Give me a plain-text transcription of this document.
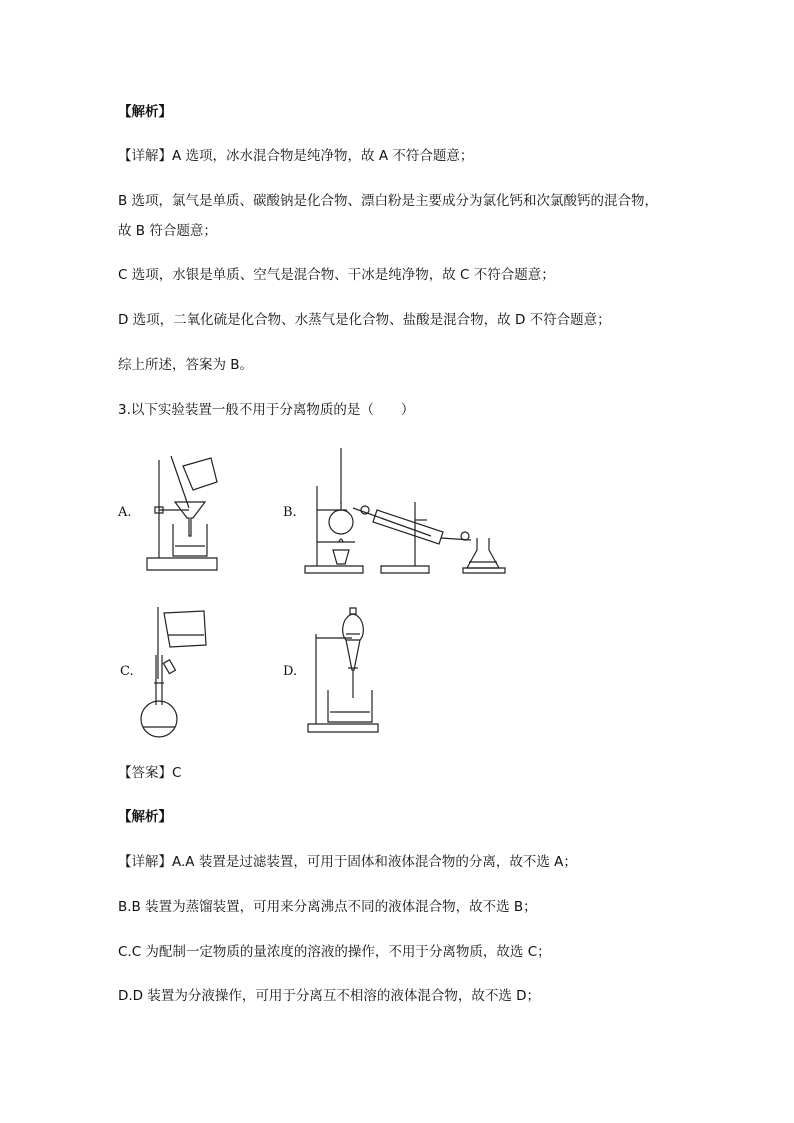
【解析】
【详解】A 选项，冰水混合物是纯净物，故 A 不符合题意；
B 选项，氯气是单质、碳酸钠是化合物、漂白粉是主要成分为氯化钙和次氯酸钙的混合物，
故 B 符合题意；
C 选项，水银是单质、空气是混合物、干冰是纯净物，故 C 不符合题意；
D 选项，二氧化硫是化合物、水蒸气是化合物、盐酸是混合物，故 D 不符合题意；
综上所述，答案为 B。
3.以下实验装置一般不用于分离物质的是（　　）
A.	B.
C.	D.
【答案】C
【解析】
【详解】A.A 装置是过滤装置，可用于固体和液体混合物的分离，故不选 A；
B.B 装置为蒸馏装置，可用来分离沸点不同的液体混合物，故不选 B；
C.C 为配制一定物质的量浓度的溶液的操作，不用于分离物质，故选 C；
D.D 装置为分液操作，可用于分离互不相溶的液体混合物，故不选 D；
